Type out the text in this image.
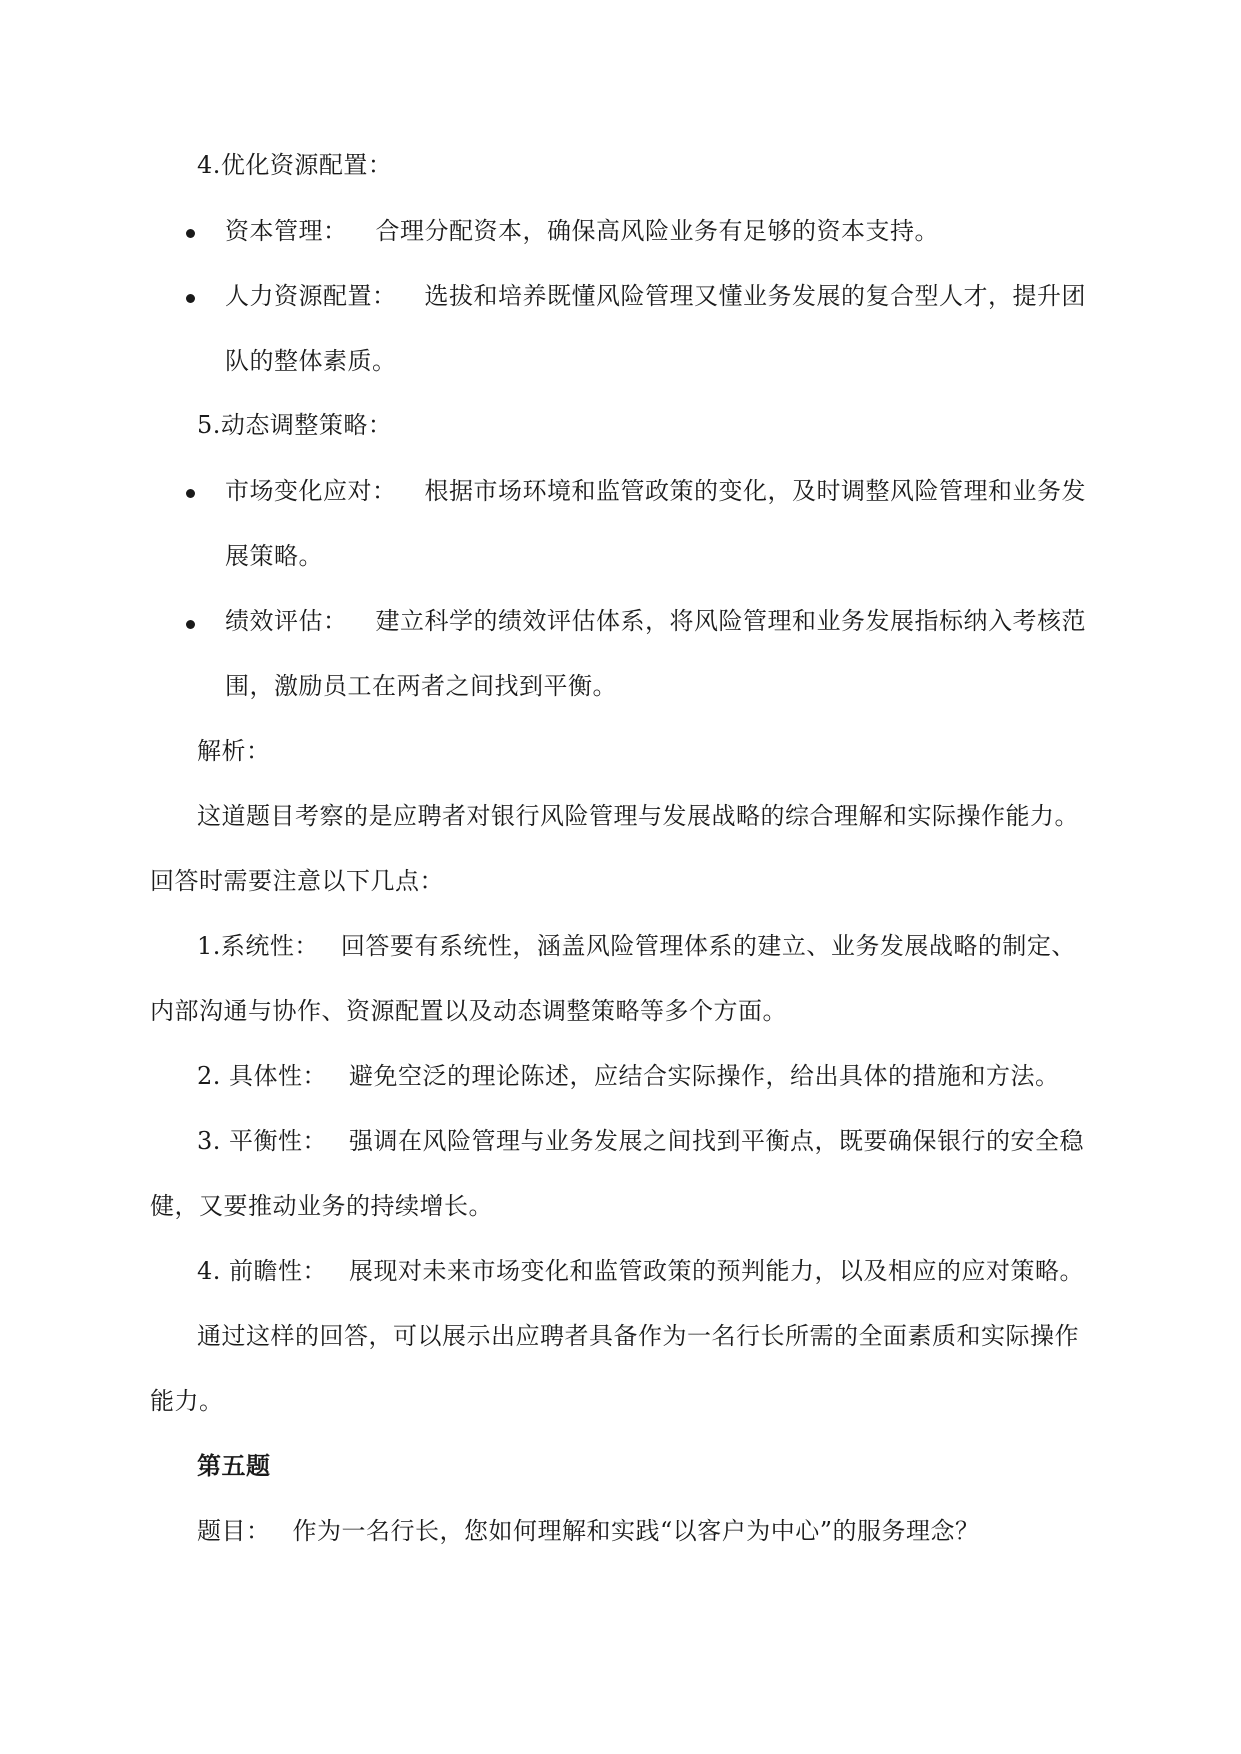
4.优化资源配置：
资本管理： 合理分配资本，确保高风险业务有足够的资本支持。
人力资源配置： 选拔和培养既懂风险管理又懂业务发展的复合型人才，提升团
队的整体素质。
5.动态调整策略：
市场变化应对： 根据市场环境和监管政策的变化，及时调整风险管理和业务发
展策略。
绩效评估： 建立科学的绩效评估体系，将风险管理和业务发展指标纳入考核范
围，激励员工在两者之间找到平衡。
解析：
这道题目考察的是应聘者对银行风险管理与发展战略的综合理解和实际操作能力。
回答时需要注意以下几点：
1.系统性： 回答要有系统性，涵盖风险管理体系的建立、业务发展战略的制定、
内部沟通与协作、资源配置以及动态调整策略等多个方面。
2. 具体性： 避免空泛的理论陈述，应结合实际操作，给出具体的措施和方法。
3. 平衡性： 强调在风险管理与业务发展之间找到平衡点，既要确保银行的安全稳
健，又要推动业务的持续增长。
4. 前瞻性： 展现对未来市场变化和监管政策的预判能力，以及相应的应对策略。
通过这样的回答，可以展示出应聘者具备作为一名行长所需的全面素质和实际操作
能力。
第五题
题目： 作为一名行长，您如何理解和实践“以客户为中心”的服务理念？
